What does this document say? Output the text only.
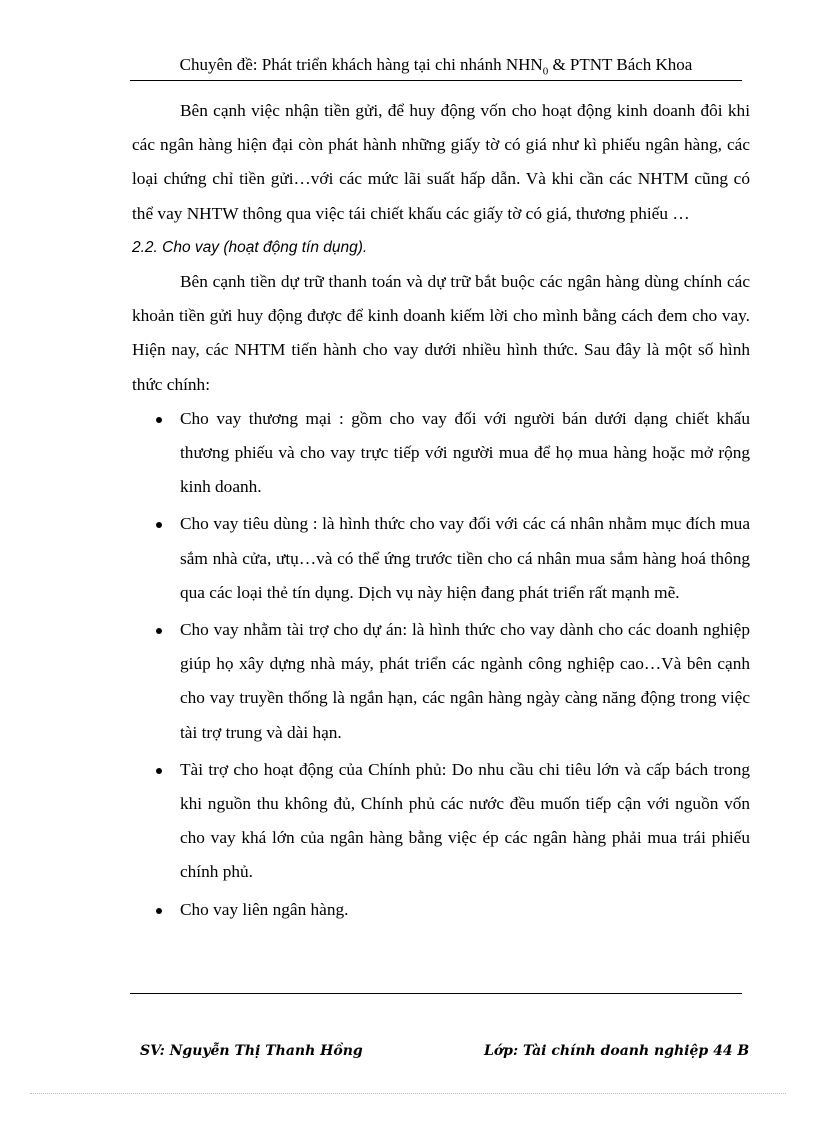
Chuyên đề: Phát triển khách hàng tại chi nhánh $NHN_0$ & PTNT Bách Khoa

Bên cạnh việc nhận tiền gửi, để huy động vốn cho hoạt động kinh doanh đôi khi các ngân hàng hiện đại còn phát hành những giấy tờ có giá như kì phiếu ngân hàng, các loại chứng chỉ tiền gửi…với các mức lãi suất hấp dẫn. Và khi cần các NHTM cũng có thể vay NHTW thông qua việc tái chiết khấu các giấy tờ có giá, thương phiếu …

2.2. Cho vay (hoạt động tín dụng).

Bên cạnh tiền dự trữ thanh toán và dự trữ bắt buộc các ngân hàng dùng chính các khoản tiền gửi huy động được để kinh doanh kiếm lời cho mình bằng cách đem cho vay. Hiện nay, các NHTM tiến hành cho vay dưới nhiều hình thức. Sau đây là một số hình thức chính:

Cho vay thương mại : gồm cho vay đối với người bán dưới dạng chiết khấu thương phiếu và cho vay trực tiếp với người mua để họ mua hàng hoặc mở rộng kinh doanh.
Cho vay tiêu dùng : là hình thức cho vay đối với các cá nhân nhằm mục đích mua sắm nhà cửa, ưtụ…và có thể ứng trước tiền cho cá nhân mua sắm hàng hoá thông qua các loại thẻ tín dụng. Dịch vụ này hiện đang phát triển rất mạnh mẽ.
Cho vay nhằm tài trợ cho dự án: là hình thức cho vay dành cho các doanh nghiệp giúp họ xây dựng nhà máy, phát triển các ngành công nghiệp cao…Và bên cạnh cho vay truyền thống là ngắn hạn, các ngân hàng ngày càng năng động trong việc tài trợ trung và dài hạn.
Tài trợ cho hoạt động của Chính phủ: Do nhu cầu chi tiêu lớn và cấp bách trong khi nguồn thu không đủ, Chính phủ các nước đều muốn tiếp cận với nguồn vốn cho vay khá lớn của ngân hàng bằng việc ép các ngân hàng phải mua trái phiếu chính phủ.
Cho vay liên ngân hàng.
SV: Nguyễn Thị Thanh Hồng	Lớp: Tài chính doanh nghiệp 44 B
